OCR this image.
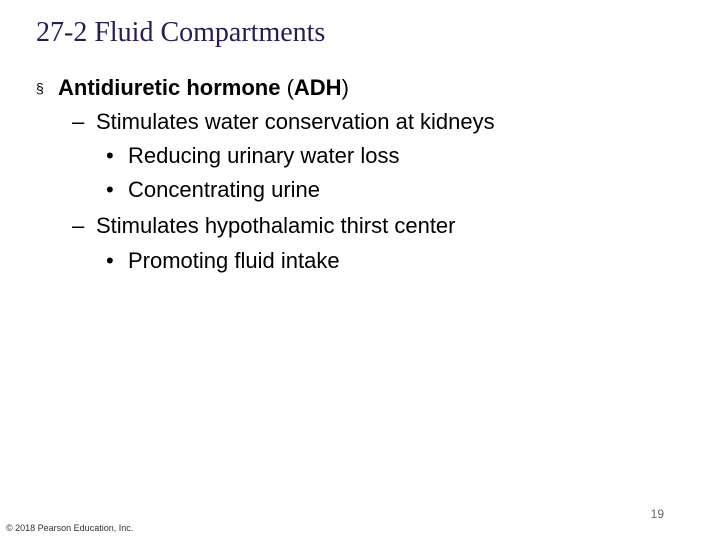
27-2 Fluid Compartments
§ Antidiuretic hormone (ADH)
– Stimulates water conservation at kidneys
• Reducing urinary water loss
• Concentrating urine
– Stimulates hypothalamic thirst center
• Promoting fluid intake
19
© 2018 Pearson Education, Inc.
